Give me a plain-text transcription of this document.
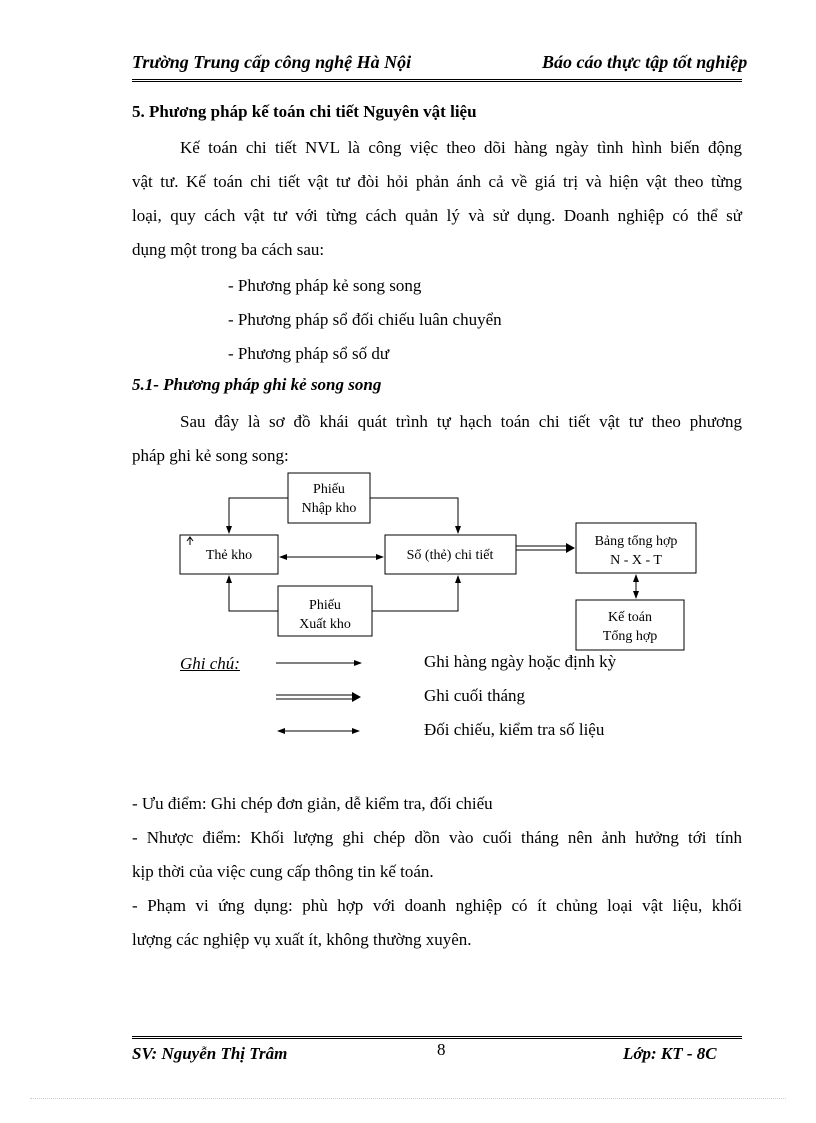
Trường Trung cấp công nghệ Hà Nội	Báo cáo thực tập tốt nghiệp
5. Phương pháp kế toán chi tiết Nguyên vật liệu
Kế toán chi tiết NVL là công việc theo dõi hàng ngày tình hình biến động
vật tư. Kế toán chi tiết vật tư đòi hỏi phản ánh cả về giá trị và hiện vật theo từng
loại, quy cách vật tư với từng cách quản lý và sử dụng. Doanh nghiệp có thể sử
dụng một trong ba cách sau:
- Phương pháp kẻ song song
- Phương pháp sổ đối chiếu luân chuyển
- Phương pháp sổ số dư
5.1- Phương pháp ghi kẻ song song
Sau đây là sơ đồ khái quát trình tự hạch toán chi tiết vật tư theo phương
pháp ghi kẻ song song:
Phiếu
Nhập kho
Thẻ kho	Sổ (thẻ) chi tiết
Bảng tổng hợp
N - X - T
Phiếu
Xuất kho	Kế toán
Tổng hợp
Ghi chú:	Ghi hàng ngày hoặc định kỳ
Ghi cuối tháng
Đối chiếu, kiểm tra số liệu
- Ưu điểm: Ghi chép đơn giản, dễ kiểm tra, đối chiếu
- Nhược điểm: Khối lượng ghi chép dồn vào cuối tháng nên ảnh hưởng tới tính
kịp thời của việc cung cấp thông tin kế toán.
- Phạm vi ứng dụng: phù hợp với doanh nghiệp có ít chủng loại vật liệu, khối
lượng các nghiệp vụ xuất ít, không thường xuyên.
SV: Nguyễn Thị Trâm	8	Lớp: KT - 8C
